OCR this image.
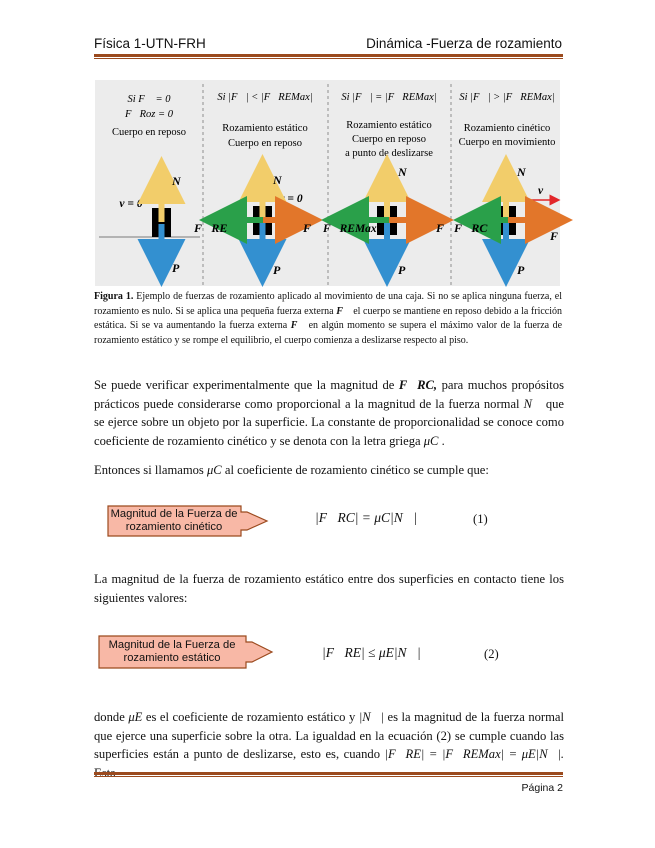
Física 1-UTN-FRH	Dinámica -Fuerza de rozamiento
Si F⃗ = 0
F⃗Roz = 0
Cuerpo en reposo
v = 0
N⃗
P⃗
Si |F⃗| < |F⃗REMax|
Rozamiento estático
Cuerpo en reposo
v = 0
N⃗
P⃗
F⃗
F⃗RE
Si |F⃗| = |F⃗REMax|
Rozamiento estático
Cuerpo en reposo
a punto de deslizarse
N⃗
P⃗
F⃗
F⃗REMax
Si |F⃗| > |F⃗REMax|
Rozamiento cinético
Cuerpo en movimiento
v⃗
N⃗
P⃗
F⃗
F⃗RC
Figura 1. Ejemplo de fuerzas de rozamiento aplicado al movimiento de una caja. Si no se aplica ninguna fuerza, el rozamiento es nulo. Si se aplica una pequeña fuerza externa F⃗ el cuerpo se mantiene en reposo debido a la fricción estática. Si se va aumentando la fuerza externa F⃗ en algún momento se supera el máximo valor de la fuerza de rozamiento estático y se rompe el equilibrio, el cuerpo comienza a deslizarse respecto al piso.
Se puede verificar experimentalmente que la magnitud de F⃗RC, para muchos propósitos prácticos puede considerarse como proporcional a la magnitud de la fuerza normal N⃗ que se ejerce sobre un objeto por la superficie. La constante de proporcionalidad se conoce como coeficiente de rozamiento cinético y se denota con la letra griega μC .
Entonces si llamamos μC al coeficiente de rozamiento cinético se cumple que:
Magnitud de la Fuerza de rozamiento cinético
|F⃗RC| = μC|N⃗|	(1)
La magnitud de la fuerza de rozamiento estático entre dos superficies en contacto tiene los siguientes valores:
Magnitud de la Fuerza de rozamiento estático	|F⃗RE| ≤ μE|N⃗|	(2)
donde μE es el coeficiente de rozamiento estático y |N⃗| es la magnitud de la fuerza normal que ejerce una superficie sobre la otra. La igualdad en la ecuación (2) se cumple cuando las superficies están a punto de deslizarse, esto es, cuando |F⃗RE| = |F⃗REMax| = μE|N⃗|.
Página 2
